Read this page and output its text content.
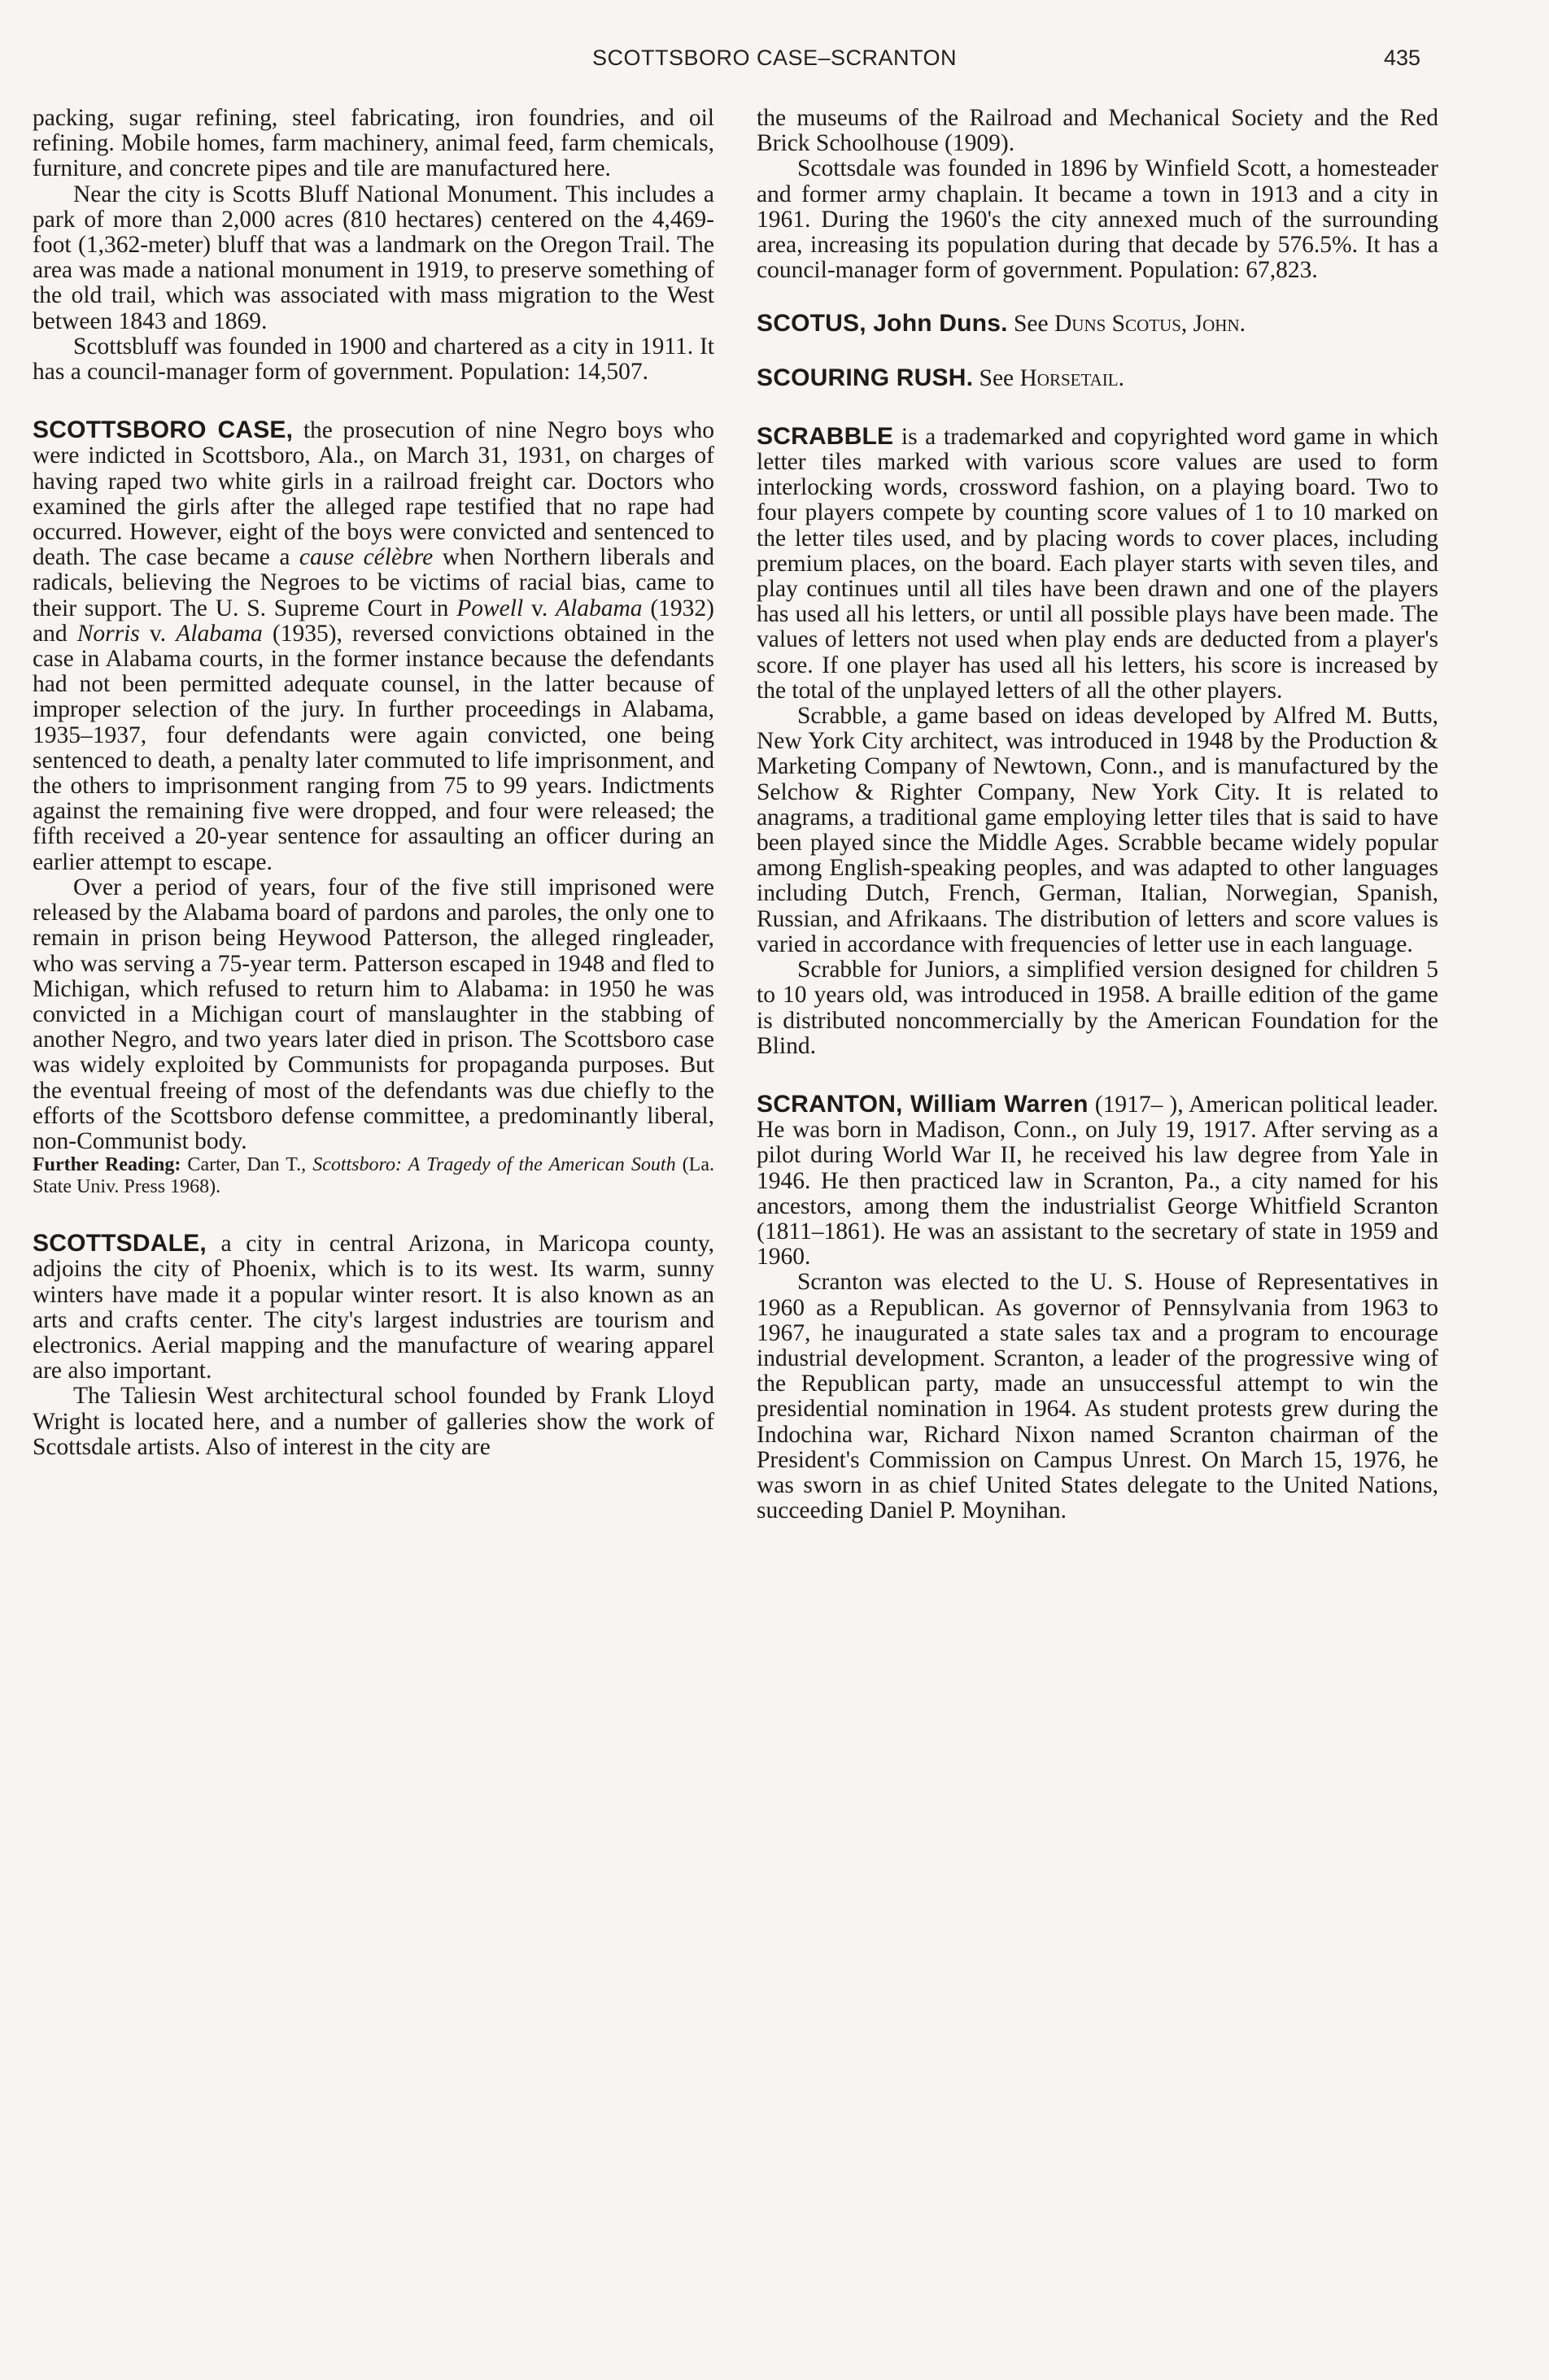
SCOTTSBORO CASE–SCRANTON	435

packing, sugar refining, steel fabricating, iron foundries, and oil refining. Mobile homes, farm machinery, animal feed, farm chemicals, furniture, and concrete pipes and tile are manufactured here.

Near the city is Scotts Bluff National Monument. This includes a park of more than 2,000 acres (810 hectares) centered on the 4,469-foot (1,362-meter) bluff that was a landmark on the Oregon Trail. The area was made a national monument in 1919, to preserve something of the old trail, which was associated with mass migration to the West between 1843 and 1869.

Scottsbluff was founded in 1900 and chartered as a city in 1911. It has a council-manager form of government. Population: 14,507.

SCOTTSBORO CASE, the prosecution of nine Negro boys who were indicted in Scottsboro, Ala., on March 31, 1931, on charges of having raped two white girls in a railroad freight car. Doctors who examined the girls after the alleged rape testified that no rape had occurred. However, eight of the boys were convicted and sentenced to death. The case became a cause célèbre when Northern liberals and radicals, believing the Negroes to be victims of racial bias, came to their support. The U. S. Supreme Court in Powell v. Alabama (1932) and Norris v. Alabama (1935), reversed convictions obtained in the case in Alabama courts, in the former instance because the defendants had not been permitted adequate counsel, in the latter because of improper selection of the jury. In further proceedings in Alabama, 1935–1937, four defendants were again convicted, one being sentenced to death, a penalty later commuted to life imprisonment, and the others to imprisonment ranging from 75 to 99 years. Indictments against the remaining five were dropped, and four were released; the fifth received a 20-year sentence for assaulting an officer during an earlier attempt to escape.

Over a period of years, four of the five still imprisoned were released by the Alabama board of pardons and paroles, the only one to remain in prison being Heywood Patterson, the alleged ringleader, who was serving a 75-year term. Patterson escaped in 1948 and fled to Michigan, which refused to return him to Alabama: in 1950 he was convicted in a Michigan court of manslaughter in the stabbing of another Negro, and two years later died in prison. The Scottsboro case was widely exploited by Communists for propaganda purposes. But the eventual freeing of most of the defendants was due chiefly to the efforts of the Scottsboro defense committee, a predominantly liberal, non-Communist body.

Further Reading: Carter, Dan T., Scottsboro: A Tragedy of the American South (La. State Univ. Press 1968).

SCOTTSDALE, a city in central Arizona, in Maricopa county, adjoins the city of Phoenix, which is to its west. Its warm, sunny winters have made it a popular winter resort. It is also known as an arts and crafts center. The city's largest industries are tourism and electronics. Aerial mapping and the manufacture of wearing apparel are also important.

The Taliesin West architectural school founded by Frank Lloyd Wright is located here, and a number of galleries show the work of Scottsdale artists. Also of interest in the city are

the museums of the Railroad and Mechanical Society and the Red Brick Schoolhouse (1909).

Scottsdale was founded in 1896 by Winfield Scott, a homesteader and former army chaplain. It became a town in 1913 and a city in 1961. During the 1960's the city annexed much of the surrounding area, increasing its population during that decade by 576.5%. It has a council-manager form of government. Population: 67,823.

SCOTUS, John Duns. See Duns Scotus, John.

SCOURING RUSH. See Horsetail.

SCRABBLE is a trademarked and copyrighted word game in which letter tiles marked with various score values are used to form interlocking words, crossword fashion, on a playing board. Two to four players compete by counting score values of 1 to 10 marked on the letter tiles used, and by placing words to cover places, including premium places, on the board. Each player starts with seven tiles, and play continues until all tiles have been drawn and one of the players has used all his letters, or until all possible plays have been made. The values of letters not used when play ends are deducted from a player's score. If one player has used all his letters, his score is increased by the total of the unplayed letters of all the other players.

Scrabble, a game based on ideas developed by Alfred M. Butts, New York City architect, was introduced in 1948 by the Production & Marketing Company of Newtown, Conn., and is manufactured by the Selchow & Righter Company, New York City. It is related to anagrams, a traditional game employing letter tiles that is said to have been played since the Middle Ages. Scrabble became widely popular among English-speaking peoples, and was adapted to other languages including Dutch, French, German, Italian, Norwegian, Spanish, Russian, and Afrikaans. The distribution of letters and score values is varied in accordance with frequencies of letter use in each language.

Scrabble for Juniors, a simplified version designed for children 5 to 10 years old, was introduced in 1958. A braille edition of the game is distributed noncommercially by the American Foundation for the Blind.

SCRANTON, William Warren (1917– ), American political leader. He was born in Madison, Conn., on July 19, 1917. After serving as a pilot during World War II, he received his law degree from Yale in 1946. He then practiced law in Scranton, Pa., a city named for his ancestors, among them the industrialist George Whitfield Scranton (1811–1861). He was an assistant to the secretary of state in 1959 and 1960.

Scranton was elected to the U. S. House of Representatives in 1960 as a Republican. As governor of Pennsylvania from 1963 to 1967, he inaugurated a state sales tax and a program to encourage industrial development. Scranton, a leader of the progressive wing of the Republican party, made an unsuccessful attempt to win the presidential nomination in 1964. As student protests grew during the Indochina war, Richard Nixon named Scranton chairman of the President's Commission on Campus Unrest. On March 15, 1976, he was sworn in as chief United States delegate to the United Nations, succeeding Daniel P. Moynihan.
